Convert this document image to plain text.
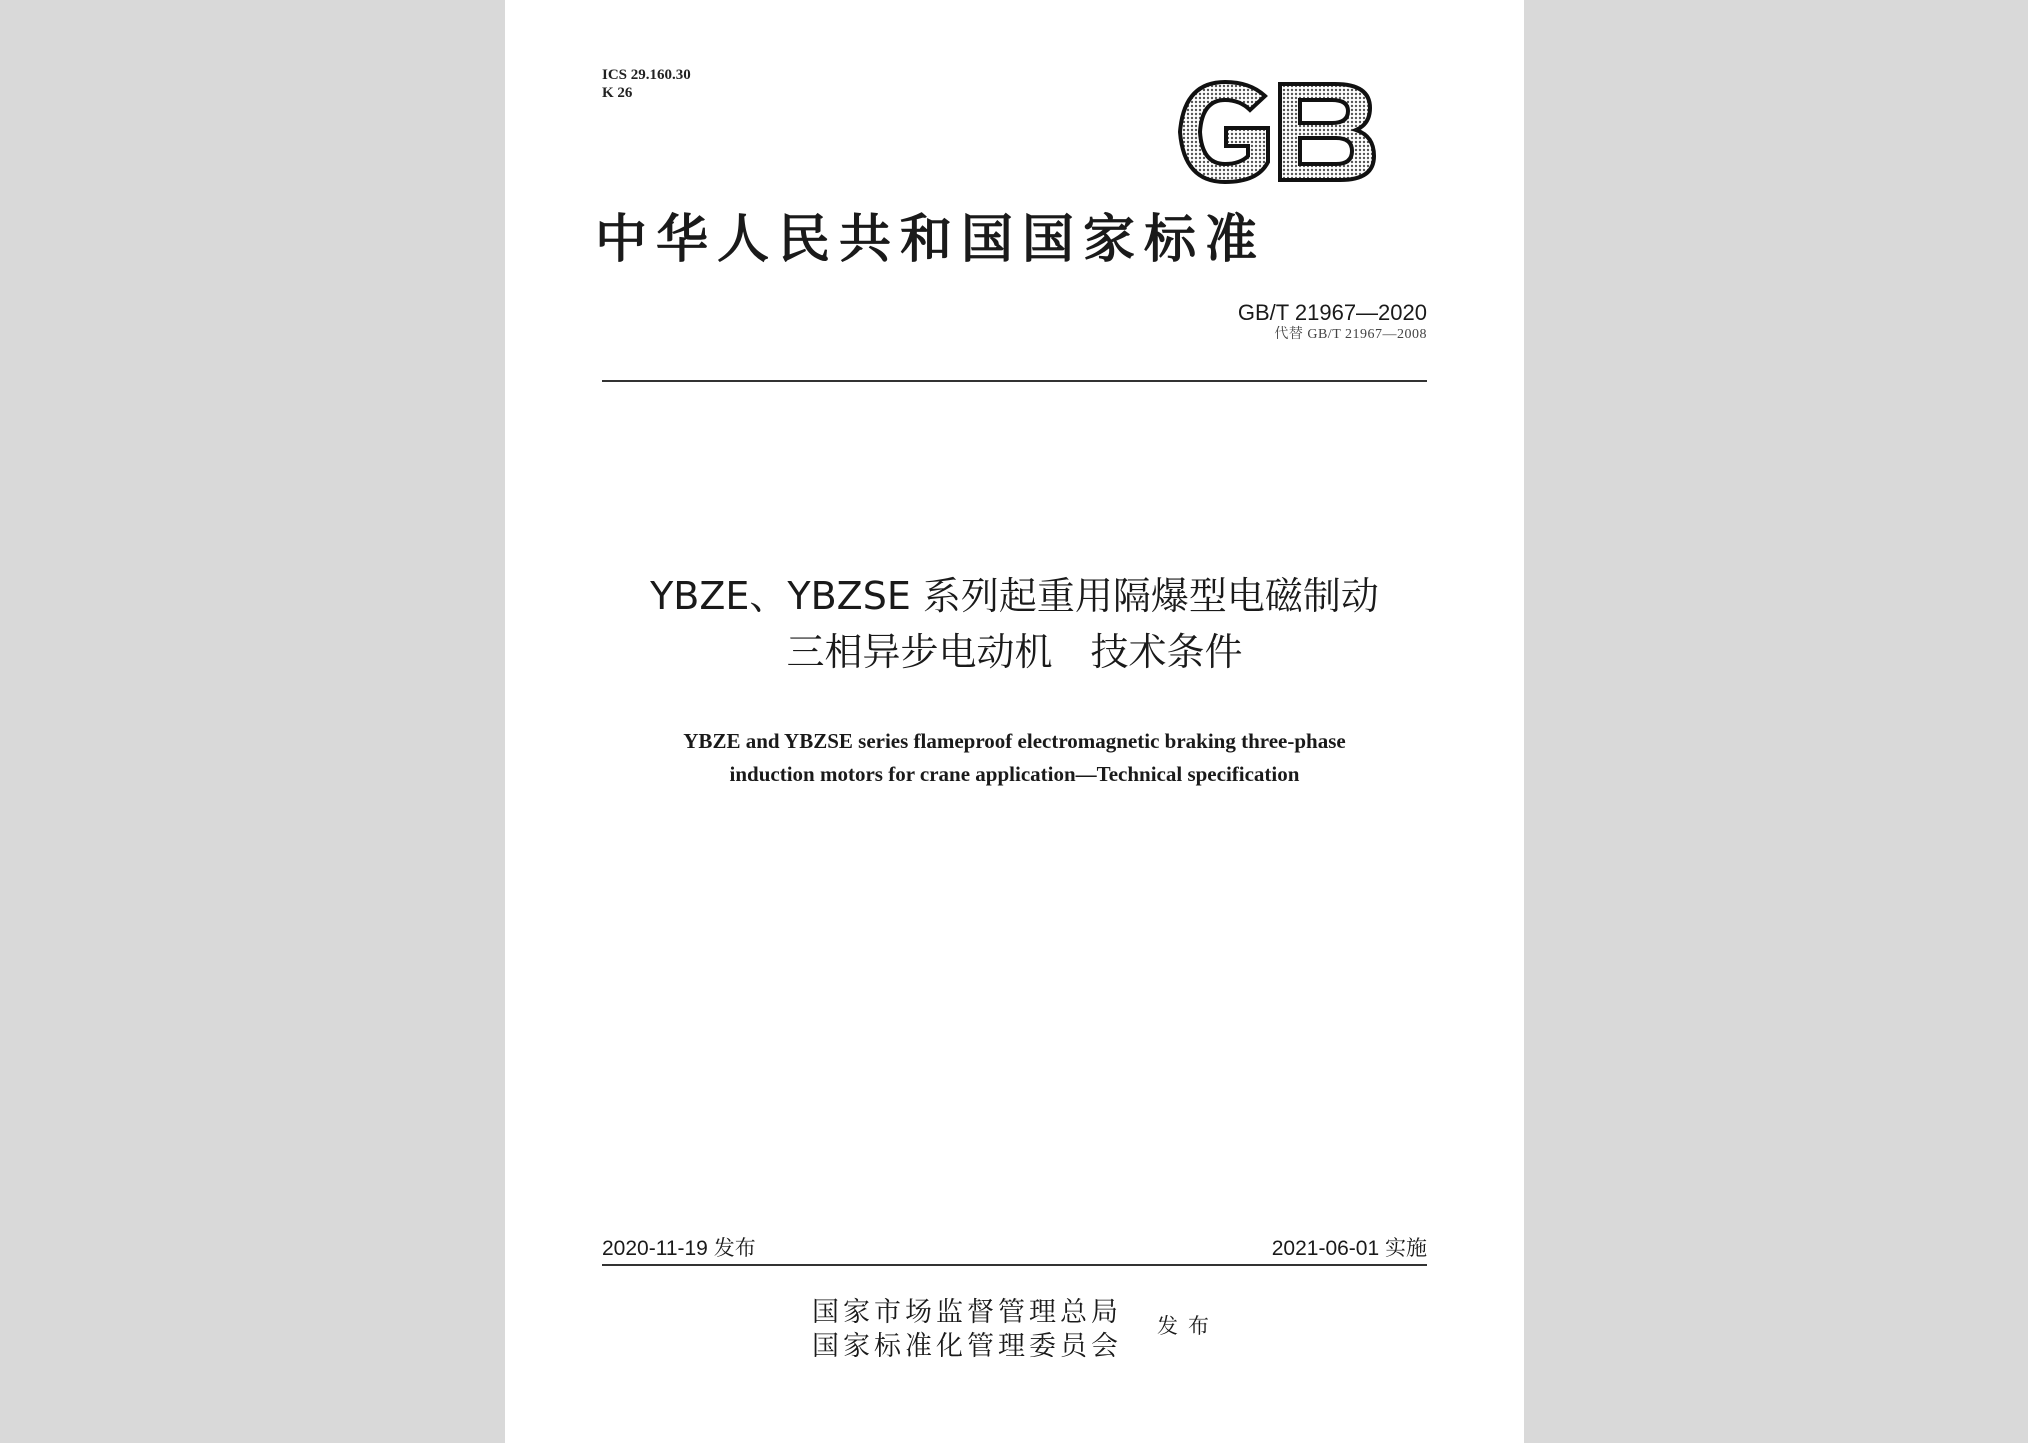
ICS 29.160.30
K 26
GB
中华人民共和国国家标准
GB/T 21967—2020
代替 GB/T 21967—2008
YBZE、YBZSE 系列起重用隔爆型电磁制动
三相异步电动机　技术条件
YBZE and YBZSE series flameproof electromagnetic braking three-phase
induction motors for crane application—Technical specification
2020-11-19 发布	2021-06-01 实施
国家市场监督管理总局
国家标准化管理委员会
发布
